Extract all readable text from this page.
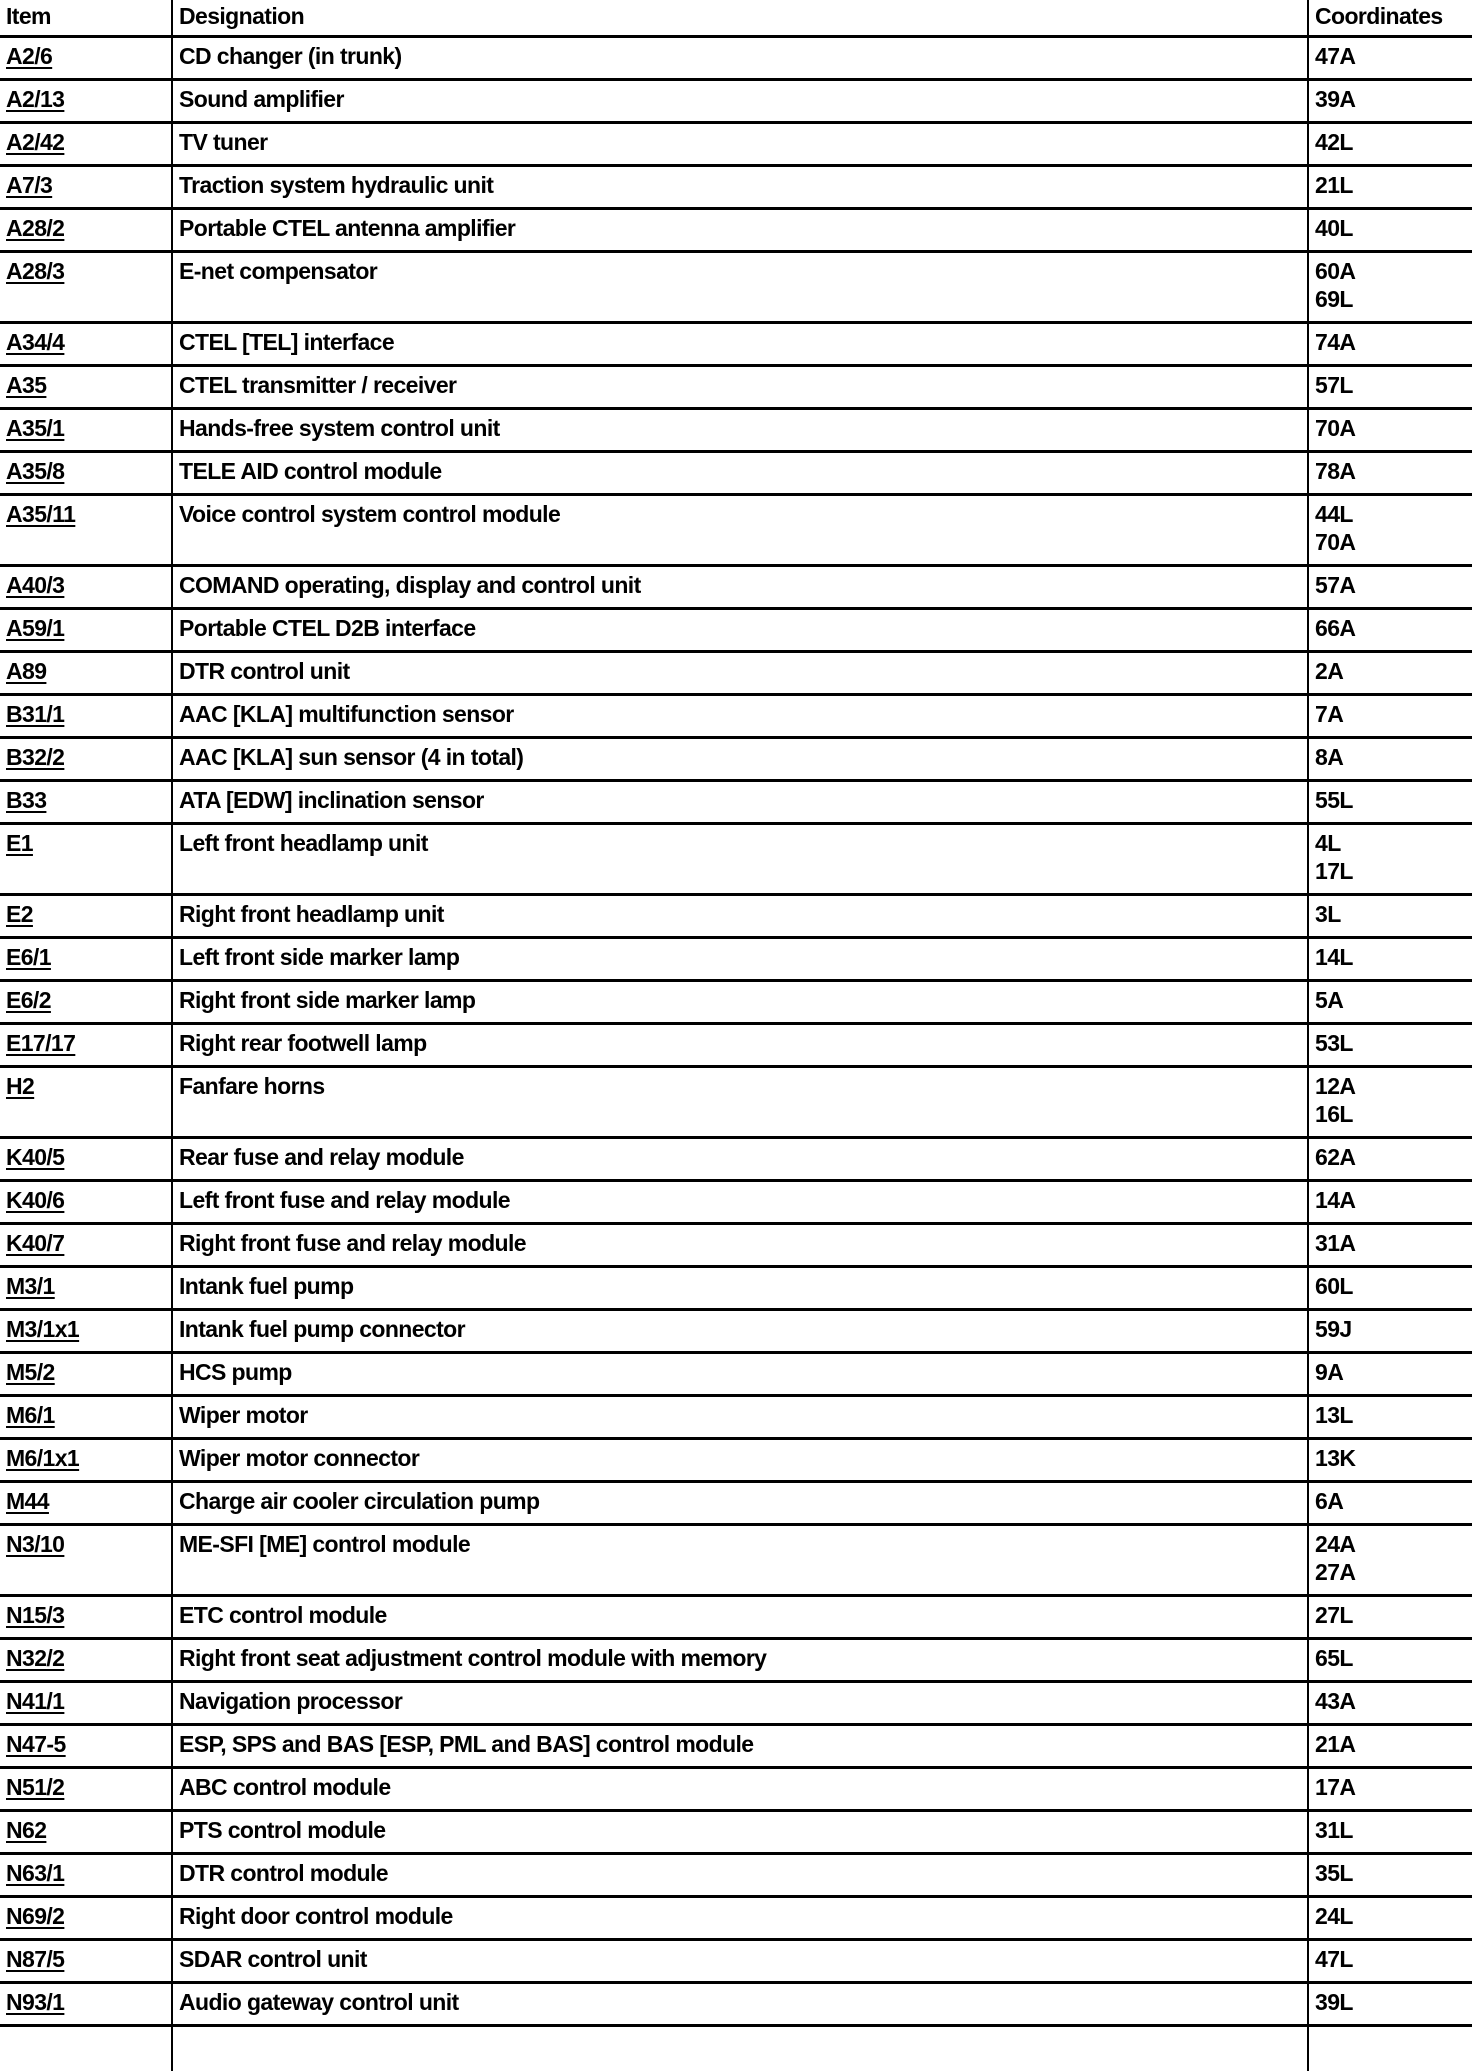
Item	Designation	Coordinates
A2/6	CD changer (in trunk)	47A

A2/13	Sound amplifier	39A

A2/42	TV tuner	42L

A7/3	Traction system hydraulic unit	21L

A28/2	Portable CTEL antenna amplifier	40L

A28/3	E-net compensator	60A
69L

A34/4	CTEL [TEL] interface	74A

A35	CTEL transmitter / receiver	57L

A35/1	Hands-free system control unit	70A

A35/8	TELE AID control module	78A

A35/11	Voice control system control module	44L
70A

A40/3	COMAND operating, display and control unit	57A

A59/1	Portable CTEL D2B interface	66A

A89	DTR control unit	2A

B31/1	AAC [KLA] multifunction sensor	7A

B32/2	AAC [KLA] sun sensor (4 in total)	8A

B33	ATA [EDW] inclination sensor	55L

E1	Left front headlamp unit	4L
17L

E2	Right front headlamp unit	3L

E6/1	Left front side marker lamp	14L

E6/2	Right front side marker lamp	5A

E17/17	Right rear footwell lamp	53L

H2	Fanfare horns	12A
16L

K40/5	Rear fuse and relay module	62A

K40/6	Left front fuse and relay module	14A

K40/7	Right front fuse and relay module	31A

M3/1	Intank fuel pump	60L

M3/1x1	Intank fuel pump connector	59J

M5/2	HCS pump	9A

M6/1	Wiper motor	13L

M6/1x1	Wiper motor connector	13K

M44	Charge air cooler circulation pump	6A

N3/10	ME-SFI [ME] control module	24A
27A

N15/3	ETC control module	27L

N32/2	Right front seat adjustment control module with memory	65L

N41/1	Navigation processor	43A

N47-5	ESP, SPS and BAS [ESP, PML and BAS] control module	21A

N51/2	ABC control module	17A

N62	PTS control module	31L

N63/1	DTR control module	35L

N69/2	Right door control module	24L

N87/5	SDAR control unit	47L

N93/1	Audio gateway control unit	39L
